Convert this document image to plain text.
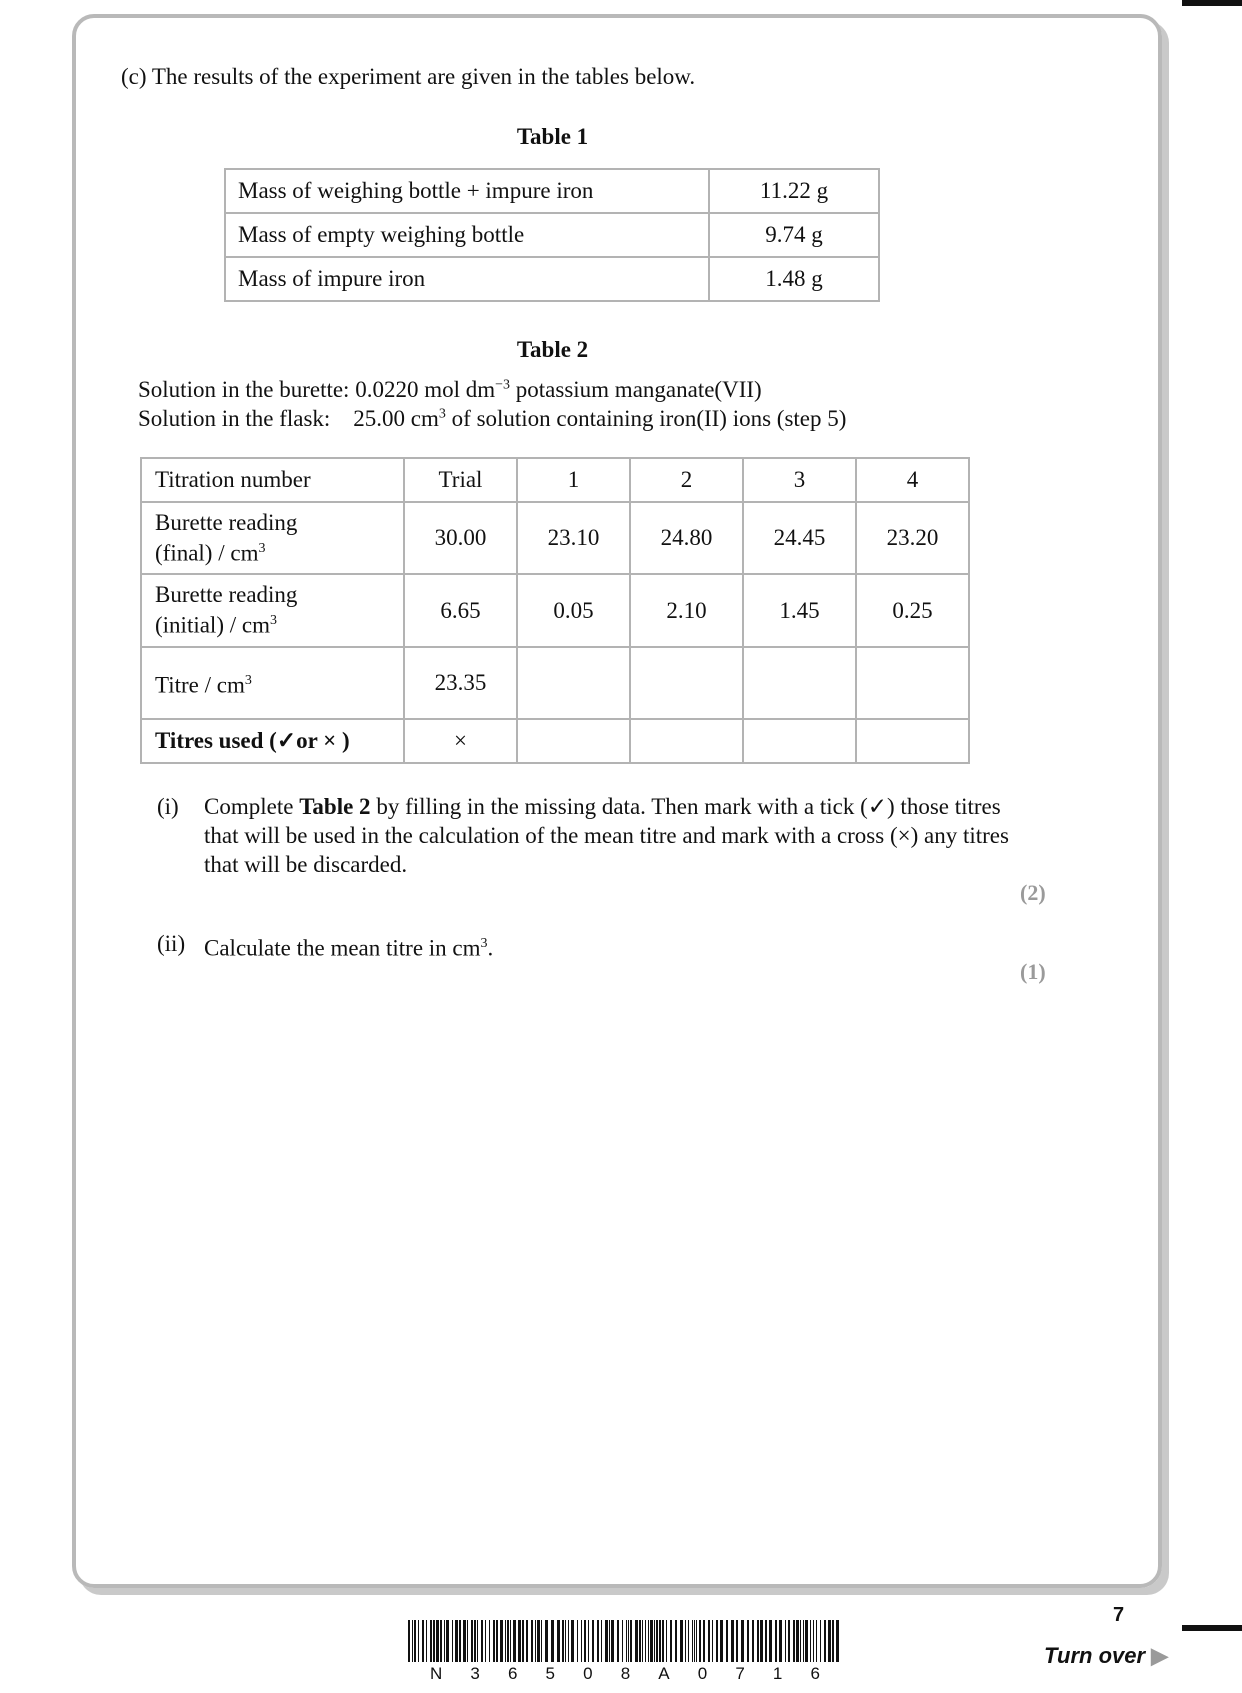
(c) The results of the experiment are given in the tables below.
Table 1
Mass of weighing bottle + impure iron	11.22 g
Mass of empty weighing bottle	9.74 g
Mass of impure iron	1.48 g
Table 2
Solution in the burette: 0.0220 mol $dm^{-3}$ potassium manganate(VII)
Solution in the flask:    25.00 $cm^3$ of solution containing iron(II) ions (step 5)
Titration number	Trial	1	2	3	4
Burette reading
(final) / $cm^3$	30.00	23.10	24.80	24.45	23.20
Burette reading
(initial) / $cm^3$	6.65	0.05	2.10	1.45	0.25
Titre / $cm^3$	23.35				
Titres used (✓or × )	×				
(i) Complete Table 2 by filling in the missing data. Then mark with a tick (✓) those titres that will be used in the calculation of the mean titre and mark with a cross (×) any titres that will be discarded.
(2)
(ii) Calculate the mean titre in $cm^3$.
(1)
N 3 6 5 0 8 A 0 7 1 6
7
Turn over ▶
